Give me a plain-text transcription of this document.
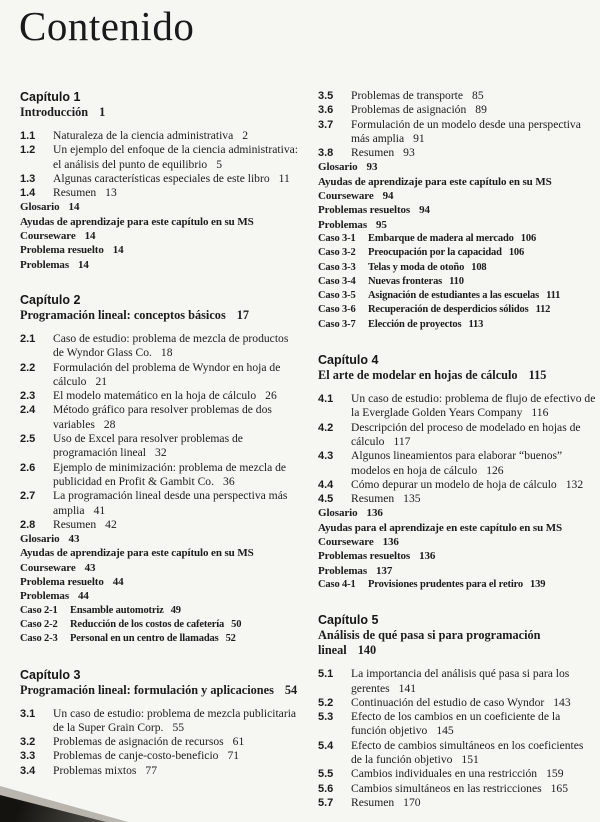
Contenido
Capítulo 1
Introducción 1
1.1	Naturaleza de la ciencia administrativa 2
1.2	Un ejemplo del enfoque de la ciencia administrativa: el análisis del punto de equilibrio 5
1.3	Algunas características especiales de este libro 11
1.4	Resumen 13
Glosario 14
Ayudas de aprendizaje para este capítulo en su MS
Courseware 14
Problema resuelto 14
Problemas 14
Capítulo 2
Programación lineal: conceptos básicos 17
2.1	Caso de estudio: problema de mezcla de productos de Wyndor Glass Co. 18
2.2	Formulación del problema de Wyndor en hoja de cálculo 21
2.3	El modelo matemático en la hoja de cálculo 26
2.4	Método gráfico para resolver problemas de dos variables 28
2.5	Uso de Excel para resolver problemas de programación lineal 32
2.6	Ejemplo de minimización: problema de mezcla de publicidad en Profit & Gambit Co. 36
2.7	La programación lineal desde una perspectiva más amplia 41
2.8	Resumen 42
Glosario 43
Ayudas de aprendizaje para este capítulo en su MS
Courseware 43
Problema resuelto 44
Problemas 44
Caso 2-1	Ensamble automotriz 49
Caso 2-2	Reducción de los costos de cafetería 50
Caso 2-3	Personal en un centro de llamadas 52
Capítulo 3
Programación lineal: formulación y aplicaciones 54
3.1	Un caso de estudio: problema de mezcla publicitaria de la Super Grain Corp. 55
3.2	Problemas de asignación de recursos 61
3.3	Problemas de canje-costo-beneficio 71
3.4	Problemas mixtos 77
3.5	Problemas de transporte 85
3.6	Problemas de asignación 89
3.7	Formulación de un modelo desde una perspectiva más amplia 91
3.8	Resumen 93
Glosario 93
Ayudas de aprendizaje para este capítulo en su MS
Courseware 94
Problemas resueltos 94
Problemas 95
Caso 3-1	Embarque de madera al mercado 106
Caso 3-2	Preocupación por la capacidad 106
Caso 3-3	Telas y moda de otoño 108
Caso 3-4	Nuevas fronteras 110
Caso 3-5	Asignación de estudiantes a las escuelas 111
Caso 3-6	Recuperación de desperdicios sólidos 112
Caso 3-7	Elección de proyectos 113
Capítulo 4
El arte de modelar en hojas de cálculo 115
4.1	Un caso de estudio: problema de flujo de efectivo de la Everglade Golden Years Company 116
4.2	Descripción del proceso de modelado en hojas de cálculo 117
4.3	Algunos lineamientos para elaborar “buenos” modelos en hoja de cálculo 126
4.4	Cómo depurar un modelo de hoja de cálculo 132
4.5	Resumen 135
Glosario 136
Ayudas para el aprendizaje en este capítulo en su MS
Courseware 136
Problemas resueltos 136
Problemas 137
Caso 4-1	Provisiones prudentes para el retiro 139
Capítulo 5
Análisis de qué pasa si para programación lineal 140
5.1	La importancia del análisis qué pasa si para los gerentes 141
5.2	Continuación del estudio de caso Wyndor 143
5.3	Efecto de los cambios en un coeficiente de la función objetivo 145
5.4	Efecto de cambios simultáneos en los coeficientes de la función objetivo 151
5.5	Cambios individuales en una restricción 159
5.6	Cambios simultáneos en las restricciones 165
5.7	Resumen 170
